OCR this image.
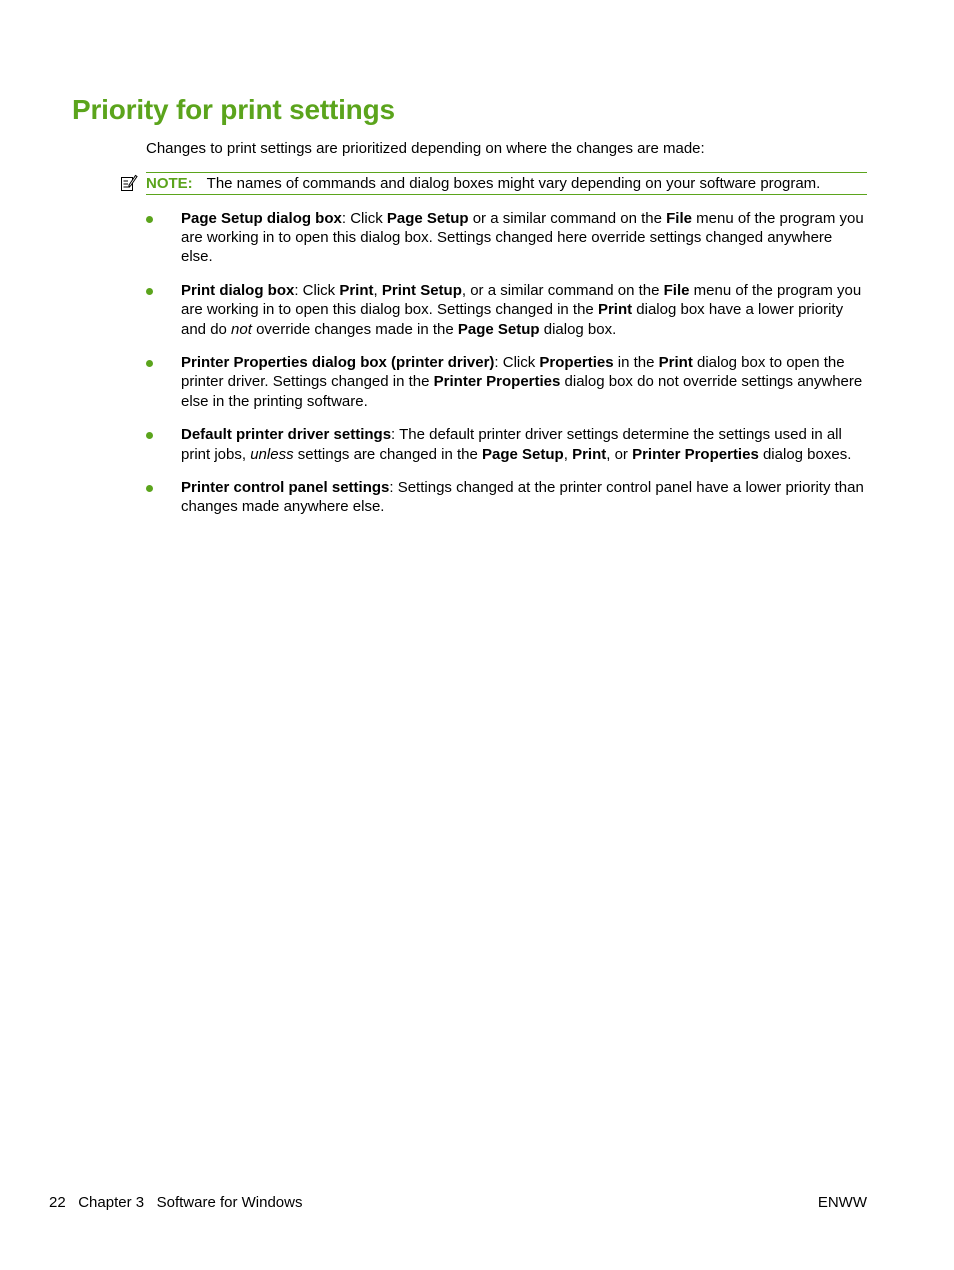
Priority for print settings

Changes to print settings are prioritized depending on where the changes are made:

NOTE: The names of commands and dialog boxes might vary depending on your software program.
Page Setup dialog box: Click Page Setup or a similar command on the File menu of the program you are working in to open this dialog box. Settings changed here override settings changed anywhere else.
Print dialog box: Click Print, Print Setup, or a similar command on the File menu of the program you are working in to open this dialog box. Settings changed in the Print dialog box have a lower priority and do not override changes made in the Page Setup dialog box.
Printer Properties dialog box (printer driver): Click Properties in the Print dialog box to open the printer driver. Settings changed in the Printer Properties dialog box do not override settings anywhere else in the printing software.
Default printer driver settings: The default printer driver settings determine the settings used in all print jobs, unless settings are changed in the Page Setup, Print, or Printer Properties dialog boxes.
Printer control panel settings: Settings changed at the printer control panel have a lower priority than changes made anywhere else.
22 Chapter 3 Software for Windows	ENWW
